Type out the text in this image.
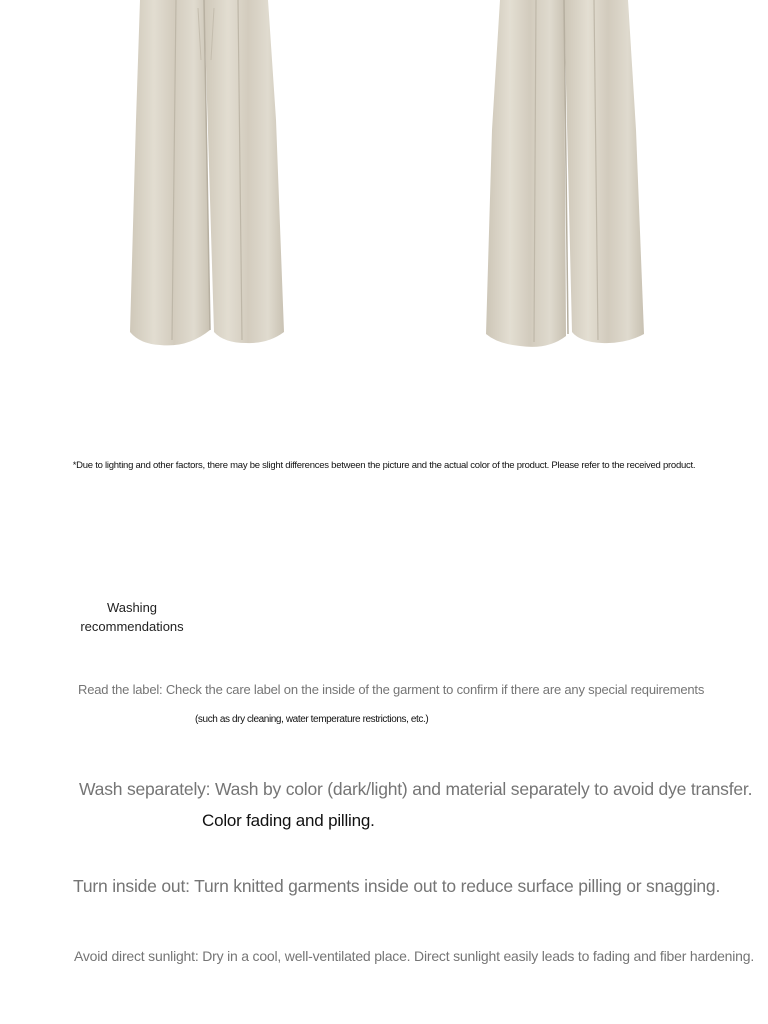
*Due to lighting and other factors, there may be slight differences between the picture and the actual color of the product. Please refer to the received product.
Washing
recommendations
Read the label: Check the care label on the inside of the garment to confirm if there are any special requirements
(such as dry cleaning, water temperature restrictions, etc.)
Wash separately: Wash by color (dark/light) and material separately to avoid dye transfer.
Color fading and pilling.
Turn inside out: Turn knitted garments inside out to reduce surface pilling or snagging.
Avoid direct sunlight: Dry in a cool, well-ventilated place. Direct sunlight easily leads to fading and fiber hardening.
